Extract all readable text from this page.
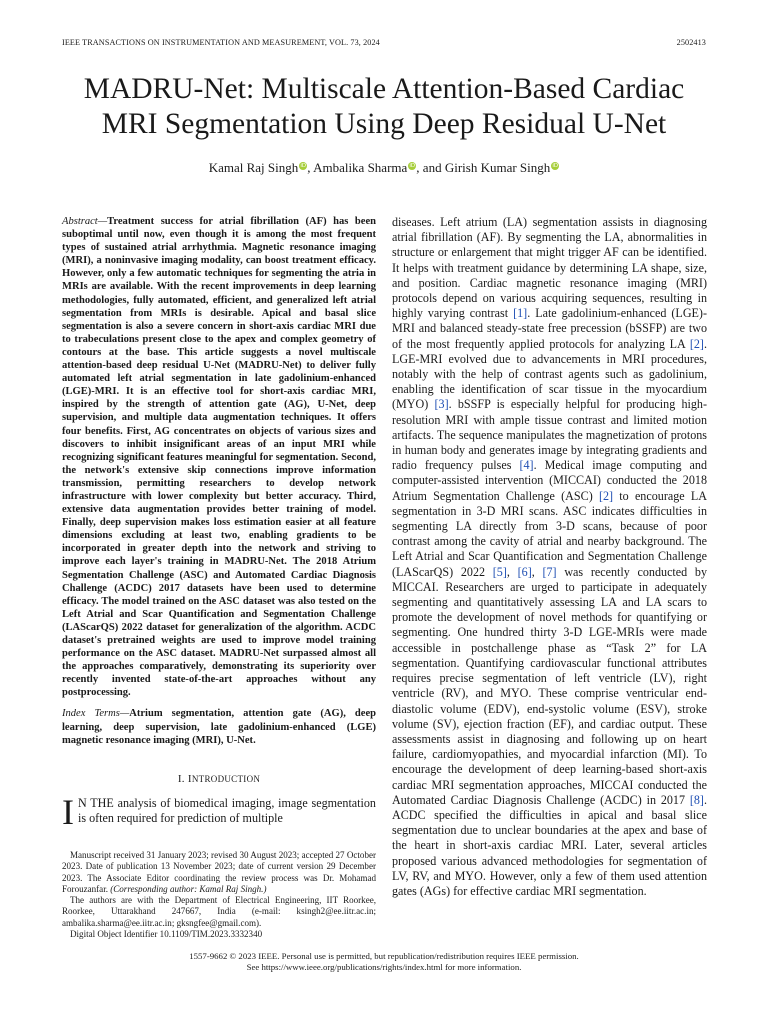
IEEE TRANSACTIONS ON INSTRUMENTATION AND MEASUREMENT, VOL. 73, 2024	2502413
MADRU-Net: Multiscale Attention-Based Cardiac
MRI Segmentation Using Deep Residual U-Net
Kamal Raj Singh iD, Ambalika Sharma iD, and Girish Kumar Singh iD

Abstract—Treatment success for atrial fibrillation (AF) has been suboptimal until now, even though it is among the most frequent types of sustained atrial arrhythmia. Magnetic resonance imaging (MRI), a noninvasive imaging modality, can boost treatment efficacy. However, only a few automatic techniques for segmenting the atria in MRIs are available. With the recent improvements in deep learning methodologies, fully automated, efficient, and generalized left atrial segmentation from MRIs is desirable. Apical and basal slice segmentation is also a severe concern in short-axis cardiac MRI due to trabeculations present close to the apex and complex geometry of contours at the base. This article suggests a novel multiscale attention-based deep residual U-Net (MADRU-Net) to deliver fully automated left atrial segmentation in late gadolinium-enhanced (LGE)-MRI. It is an effective tool for short-axis cardiac MRI, inspired by the strength of attention gate (AG), U-Net, deep supervision, and multiple data augmentation techniques. It offers four benefits. First, AG concentrates on objects of various sizes and discovers to inhibit insignificant areas of an input MRI while recognizing significant features meaningful for segmentation. Second, the network's extensive skip connections improve information transmission, permitting researchers to develop network infrastructure with lower complexity but better accuracy. Third, extensive data augmentation provides better training of model. Finally, deep supervision makes loss estimation easier at all feature dimensions excluding at least two, enabling gradients to be incorporated in greater depth into the network and striving to improve each layer's training in MADRU-Net. The 2018 Atrium Segmentation Challenge (ASC) and Automated Cardiac Diagnosis Challenge (ACDC) 2017 datasets have been used to determine efficacy. The model trained on the ASC dataset was also tested on the Left Atrial and Scar Quantification and Segmentation Challenge (LAScarQS) 2022 dataset for generalization of the algorithm. ACDC dataset's pretrained weights are used to improve model training performance on the ASC dataset. MADRU-Net surpassed almost all the approaches comparatively, demonstrating its superiority over recently invented state-of-the-art approaches without any postprocessing.

Index Terms—Atrium segmentation, attention gate (AG), deep learning, deep supervision, late gadolinium-enhanced (LGE) magnetic resonance imaging (MRI), U-Net.

I. INTRODUCTION

I N THE analysis of biomedical imaging, image segmentation is often required for prediction of multiple

Manuscript received 31 January 2023; revised 30 August 2023; accepted 27 October 2023. Date of publication 13 November 2023; date of current version 29 December 2023. The Associate Editor coordinating the review process was Dr. Mohamad Forouzanfar. (Corresponding author: Kamal Raj Singh.)

The authors are with the Department of Electrical Engineering, IIT Roorkee, Roorkee, Uttarakhand 247667, India (e-mail: ksingh2@ee.iitr.ac.in; ambalika.sharma@ee.iitr.ac.in; gksngfee@gmail.com).

Digital Object Identifier 10.1109/TIM.2023.3332340

diseases. Left atrium (LA) segmentation assists in diagnosing atrial fibrillation (AF). By segmenting the LA, abnormalities in structure or enlargement that might trigger AF can be identified. It helps with treatment guidance by determining LA shape, size, and position. Cardiac magnetic resonance imaging (MRI) protocols depend on various acquiring sequences, resulting in highly varying contrast [1]. Late gadolinium-enhanced (LGE)-MRI and balanced steady-state free precession (bSSFP) are two of the most frequently applied protocols for analyzing LA [2]. LGE-MRI evolved due to advancements in MRI procedures, notably with the help of contrast agents such as gadolinium, enabling the identification of scar tissue in the myocardium (MYO) [3]. bSSFP is especially helpful for producing high-resolution MRI with ample tissue contrast and limited motion artifacts. The sequence manipulates the magnetization of protons in human body and generates image by integrating gradients and radio frequency pulses [4]. Medical image computing and computer-assisted intervention (MICCAI) conducted the 2018 Atrium Segmentation Challenge (ASC) [2] to encourage LA segmentation in 3-D MRI scans. ASC indicates difficulties in segmenting LA directly from 3-D scans, because of poor contrast among the cavity of atrial and nearby background. The Left Atrial and Scar Quantification and Segmentation Challenge (LAScarQS) 2022 [5], [6], [7] was recently conducted by MICCAI. Researchers are urged to participate in adequately segmenting and quantitatively assessing LA and LA scars to promote the development of novel methods for quantifying or segmenting. One hundred thirty 3-D LGE-MRIs were made accessible in postchallenge phase as “Task 2” for LA segmentation. Quantifying cardiovascular functional attributes requires precise segmentation of left ventricle (LV), right ventricle (RV), and MYO. These comprise ventricular end-diastolic volume (EDV), end-systolic volume (ESV), stroke volume (SV), ejection fraction (EF), and cardiac output. These assessments assist in diagnosing and following up on heart failure, cardiomyopathies, and myocardial infarction (MI). To encourage the development of deep learning-based short-axis cardiac MRI segmentation approaches, MICCAI conducted the Automated Cardiac Diagnosis Challenge (ACDC) in 2017 [8]. ACDC specified the difficulties in apical and basal slice segmentation due to unclear boundaries at the apex and base of the heart in short-axis cardiac MRI. Later, several articles proposed various advanced methodologies for segmentation of LV, RV, and MYO. However, only a few of them used attention gates (AGs) for effective cardiac MRI segmentation.

1557-9662 © 2023 IEEE. Personal use is permitted, but republication/redistribution requires IEEE permission.
See https://www.ieee.org/publications/rights/index.html for more information.
